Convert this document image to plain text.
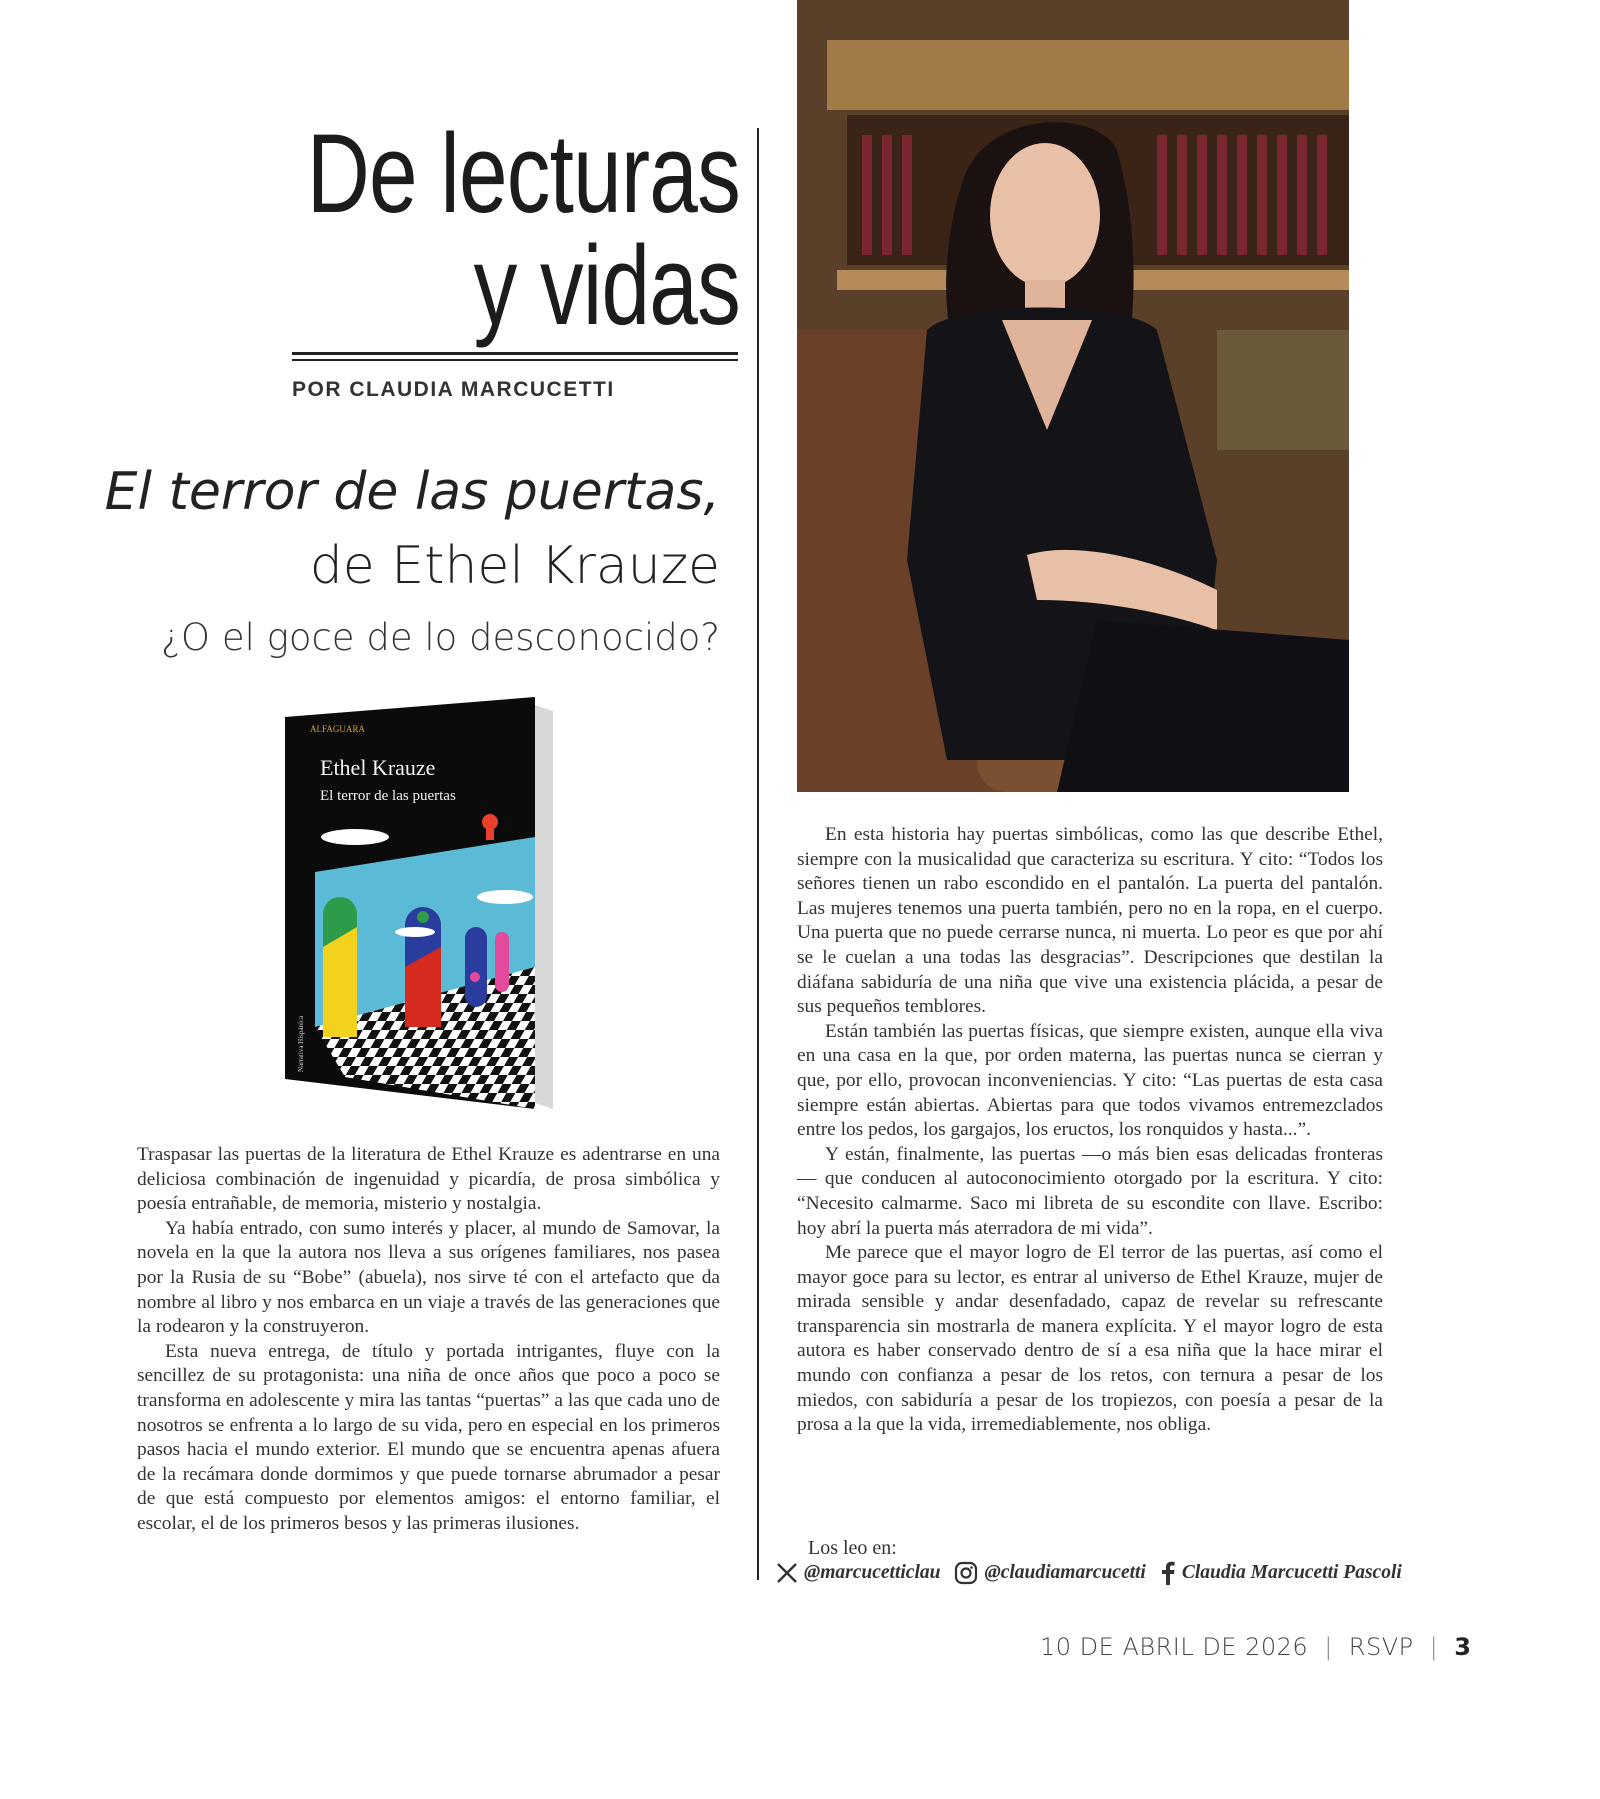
De lecturas
y vidas
POR CLAUDIA MARCUCETTI
El terror de las puertas,
de Ethel Krauze
¿O el goce de lo desconocido?
ALFAGUARA
Ethel Krauze
El terror de las puertas
Narrativa Hispánica

Traspasar las puertas de la literatura de Ethel Krauze es adentrarse en una deliciosa combinación de ingenuidad y picardía, de prosa simbólica y poesía entrañable, de memoria, misterio y nostalgia.

Ya había entrado, con sumo interés y placer, al mundo de Samovar, la novela en la que la autora nos lleva a sus orígenes familiares, nos pasea por la Rusia de su “Bobe” (abuela), nos sirve té con el artefacto que da nombre al libro y nos embarca en un viaje a través de las generaciones que la rodearon y la construyeron.

Esta nueva entrega, de título y portada intrigantes, fluye con la sencillez de su protagonista: una niña de once años que poco a poco se transforma en adolescente y mira las tantas “puertas” a las que cada uno de nosotros se enfrenta a lo largo de su vida, pero en especial en los primeros pasos hacia el mundo exterior. El mundo que se encuentra apenas afuera de la recámara donde dormimos y que puede tornarse abrumador a pesar de que está compuesto por elementos amigos: el entorno familiar, el escolar, el de los primeros besos y las primeras ilusiones.

En esta historia hay puertas simbólicas, como las que describe Ethel, siempre con la musicalidad que caracteriza su escritura. Y cito: “Todos los señores tienen un rabo escondido en el pantalón. La puerta del pantalón. Las mujeres tenemos una puerta también, pero no en la ropa, en el cuerpo. Una puerta que no puede cerrarse nunca, ni muerta. Lo peor es que por ahí se le cuelan a una todas las desgracias”. Descripciones que destilan la diáfana sabiduría de una niña que vive una existencia plácida, a pesar de sus pequeños temblores.

Están también las puertas físicas, que siempre existen, aunque ella viva en una casa en la que, por orden materna, las puertas nunca se cierran y que, por ello, provocan inconveniencias. Y cito: “Las puertas de esta casa siempre están abiertas. Abiertas para que todos vivamos entremezclados entre los pedos, los gargajos, los eructos, los ronquidos y hasta...”.

Y están, finalmente, las puertas —o más bien esas delicadas fronteras— que conducen al autoconocimiento otorgado por la escritura. Y cito: “Necesito calmarme. Saco mi libreta de su escondite con llave. Escribo: hoy abrí la puerta más aterradora de mi vida”.

Me parece que el mayor logro de El terror de las puertas, así como el mayor goce para su lector, es entrar al universo de Ethel Krauze, mujer de mirada sensible y andar desenfadado, capaz de revelar su refrescante transparencia sin mostrarla de manera explícita. Y el mayor logro de esta autora es haber conservado dentro de sí a esa niña que la hace mirar el mundo con confianza a pesar de los retos, con ternura a pesar de los miedos, con sabiduría a pesar de los tropiezos, con poesía a pesar de la prosa a la que la vida, irremediablemente, nos obliga.

Los leo en:
@marcucetticlau @claudiamarcucetti Claudia Marcucetti Pascoli
10 DE ABRIL DE 2026 | RSVP | 3
